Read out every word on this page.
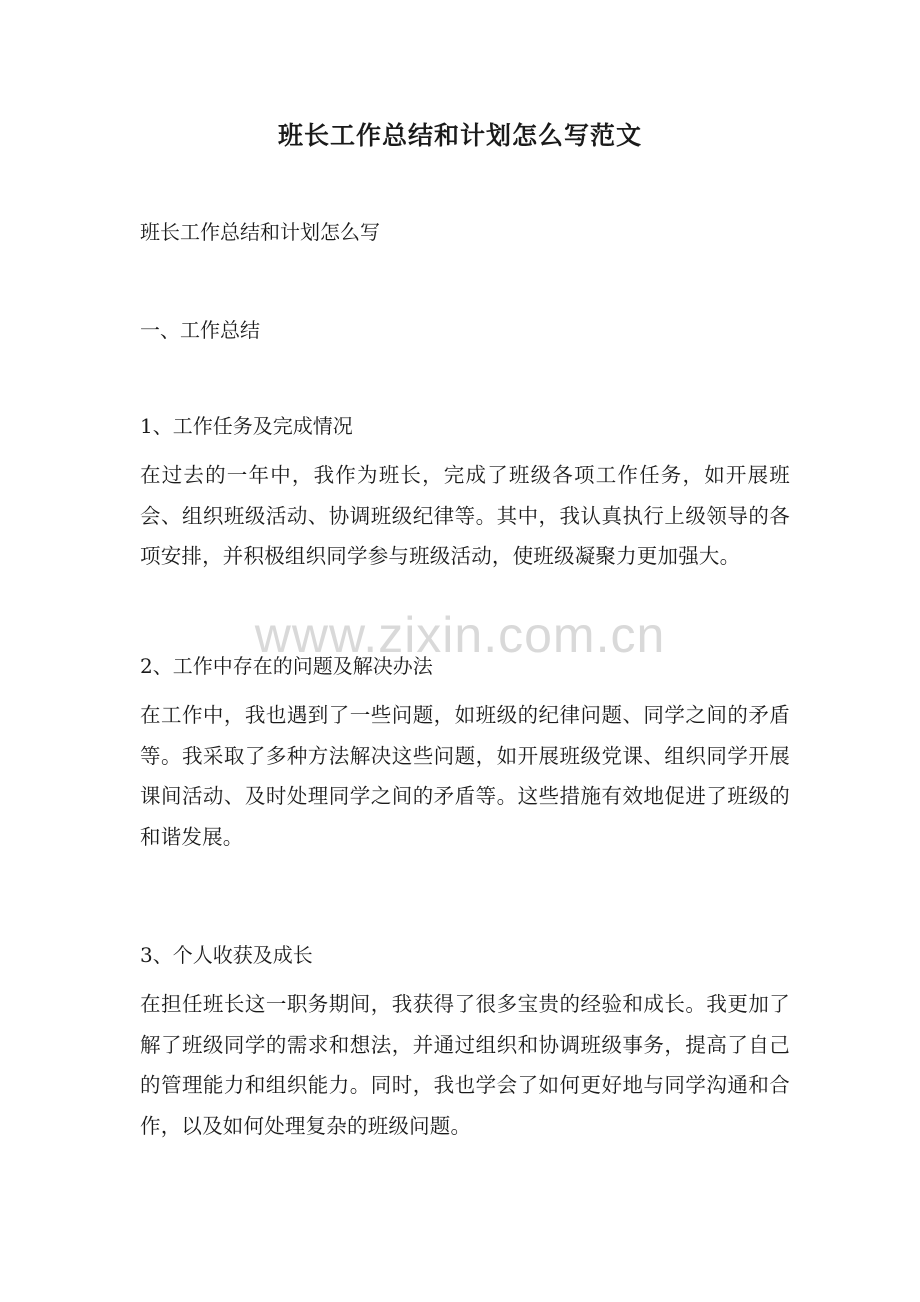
班长工作总结和计划怎么写范文
班长工作总结和计划怎么写
一、工作总结
1、工作任务及完成情况
在过去的一年中，我作为班长，完成了班级各项工作任务，如开展班会、组织班级活动、协调班级纪律等。其中，我认真执行上级领导的各项安排，并积极组织同学参与班级活动，使班级凝聚力更加强大。
www.zixin.com.cn
2、工作中存在的问题及解决办法
在工作中，我也遇到了一些问题，如班级的纪律问题、同学之间的矛盾等。我采取了多种方法解决这些问题，如开展班级党课、组织同学开展课间活动、及时处理同学之间的矛盾等。这些措施有效地促进了班级的和谐发展。
3、个人收获及成长
在担任班长这一职务期间，我获得了很多宝贵的经验和成长。我更加了解了班级同学的需求和想法，并通过组织和协调班级事务，提高了自己的管理能力和组织能力。同时，我也学会了如何更好地与同学沟通和合作，以及如何处理复杂的班级问题。
